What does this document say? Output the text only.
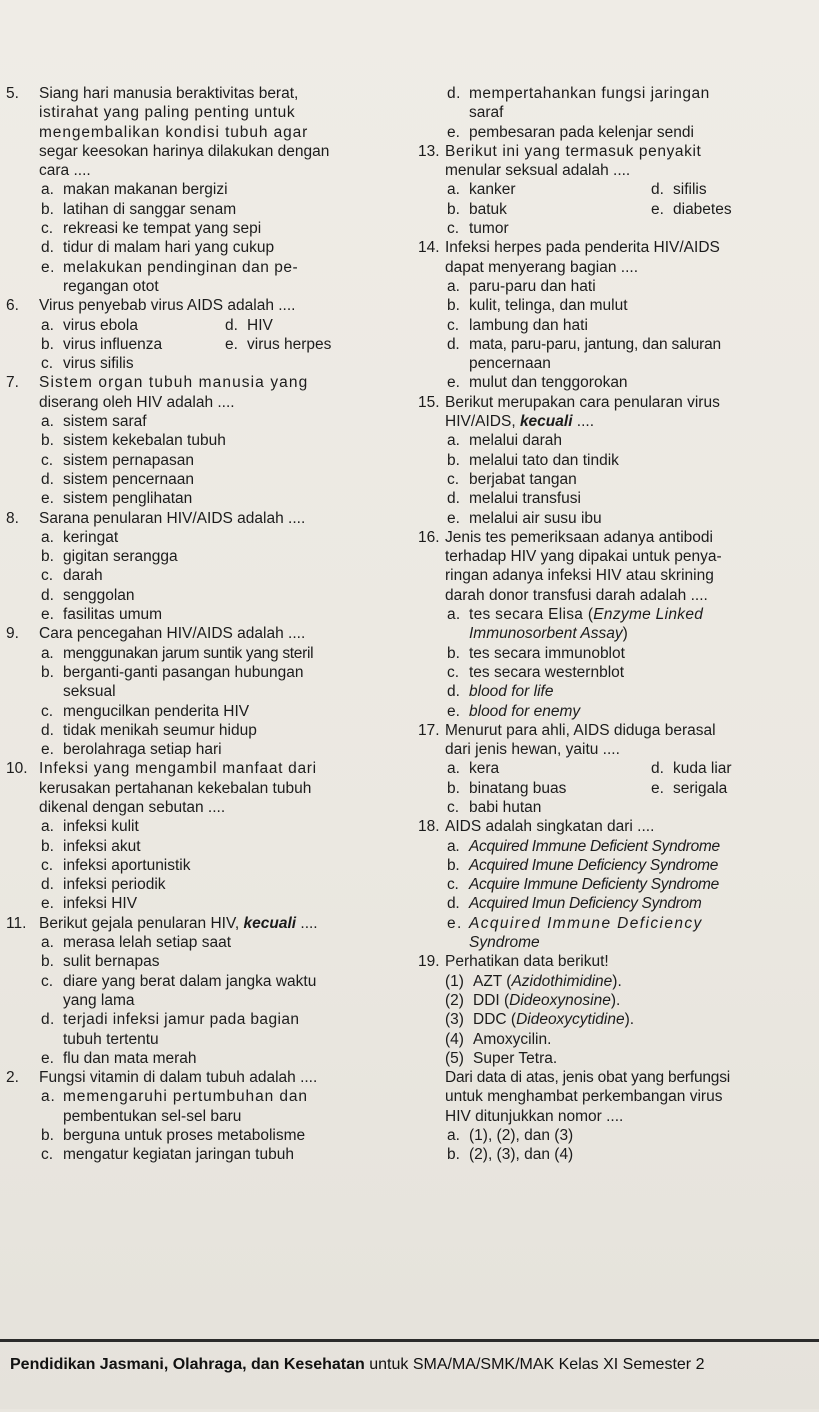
5. Siang hari manusia beraktivitas berat,
istirahat yang paling penting untuk
mengembalikan kondisi tubuh agar
segar keesokan harinya dilakukan dengan
cara ....
a. makan makanan bergizi
b. latihan di sanggar senam
c. rekreasi ke tempat yang sepi
d. tidur di malam hari yang cukup
e. melakukan pendinginan dan pe-
regangan otot
6. Virus penyebab virus AIDS adalah ....
a. virus ebola	d. HIV
b. virus influenza	e. virus herpes
c. virus sifilis
7. Sistem organ tubuh manusia yang
diserang oleh HIV adalah ....
a. sistem saraf
b. sistem kekebalan tubuh
c. sistem pernapasan
d. sistem pencernaan
e. sistem penglihatan
8. Sarana penularan HIV/AIDS adalah ....
a. keringat
b. gigitan serangga
c. darah
d. senggolan
e. fasilitas umum
9. Cara pencegahan HIV/AIDS adalah ....
a. menggunakan jarum suntik yang steril
b. berganti-ganti pasangan hubungan
seksual
c. mengucilkan penderita HIV
d. tidak menikah seumur hidup
e. berolahraga setiap hari
10. Infeksi yang mengambil manfaat dari
kerusakan pertahanan kekebalan tubuh
dikenal dengan sebutan ....
a. infeksi kulit
b. infeksi akut
c. infeksi aportunistik
d. infeksi periodik
e. infeksi HIV
11. Berikut gejala penularan HIV, kecuali ....
a. merasa lelah setiap saat
b. sulit bernapas
c. diare yang berat dalam jangka waktu
yang lama
d. terjadi infeksi jamur pada bagian
tubuh tertentu
e. flu dan mata merah
2. Fungsi vitamin di dalam tubuh adalah ....
a. memengaruhi pertumbuhan dan
pembentukan sel-sel baru
b. berguna untuk proses metabolisme
c. mengatur kegiatan jaringan tubuh
d. mempertahankan fungsi jaringan
saraf
e. pembesaran pada kelenjar sendi
13. Berikut ini yang termasuk penyakit
menular seksual adalah ....
a. kanker	d. sifilis
b. batuk	e. diabetes
c. tumor
14. Infeksi herpes pada penderita HIV/AIDS
dapat menyerang bagian ....
a. paru-paru dan hati
b. kulit, telinga, dan mulut
c. lambung dan hati
d. mata, paru-paru, jantung, dan saluran
pencernaan
e. mulut dan tenggorokan
15. Berikut merupakan cara penularan virus
HIV/AIDS, kecuali ....
a. melalui darah
b. melalui tato dan tindik
c. berjabat tangan
d. melalui transfusi
e. melalui air susu ibu
16. Jenis tes pemeriksaan adanya antibodi
terhadap HIV yang dipakai untuk penya-
ringan adanya infeksi HIV atau skrining
darah donor transfusi darah adalah ....
a. tes secara Elisa (Enzyme Linked
Immunosorbent Assay)
b. tes secara immunoblot
c. tes secara westernblot
d. blood for life
e. blood for enemy
17. Menurut para ahli, AIDS diduga berasal
dari jenis hewan, yaitu ....
a. kera	d. kuda liar
b. binatang buas	e. serigala
c. babi hutan
18. AIDS adalah singkatan dari ....
a. Acquired Immune Deficient Syndrome
b. Acquired Imune Deficiency Syndrome
c. Acquire Immune Deficienty Syndrome
d. Acquired Imun Deficiency Syndrom
e. Acquired Immune Deficiency
Syndrome
19. Perhatikan data berikut!
(1) AZT (Azidothimidine).
(2) DDI (Dideoxynosine).
(3) DDC (Dideoxycytidine).
(4) Amoxycilin.
(5) Super Tetra.
Dari data di atas, jenis obat yang berfungsi
untuk menghambat perkembangan virus
HIV ditunjukkan nomor ....
a. (1), (2), dan (3)
b. (2), (3), dan (4)
Pendidikan Jasmani, Olahraga, dan Kesehatan untuk SMA/MA/SMK/MAK Kelas XI Semester 2
